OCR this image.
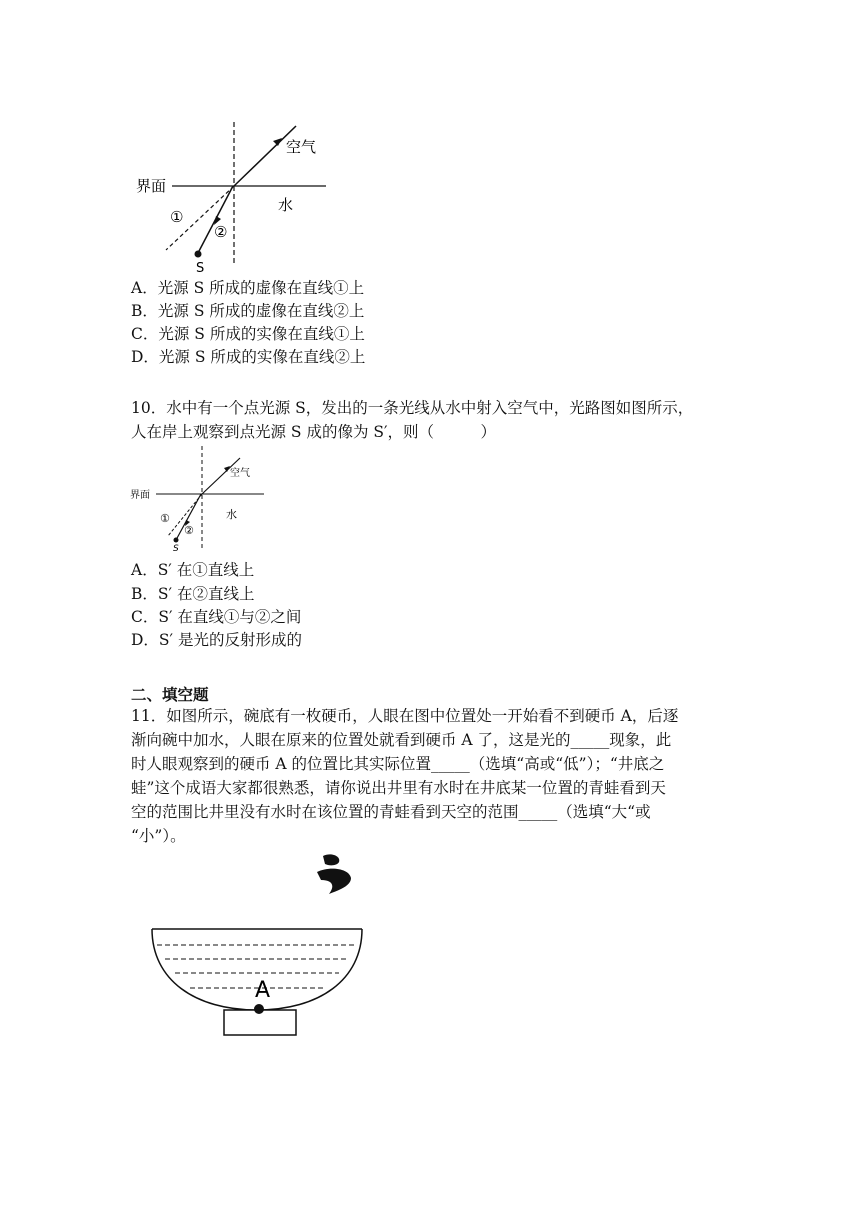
界面
空气
水
①
②
S
A．光源 S 所成的虚像在直线①上
B．光源 S 所成的虚像在直线②上
C．光源 S 所成的实像在直线①上
D．光源 S 所成的实像在直线②上
10．水中有一个点光源 S，发出的一条光线从水中射入空气中，光路图如图所示，
人在岸上观察到点光源 S 成的像为 S′，则（　　　）
界面
空气
水
①
②
S
A．S′ 在①直线上
B．S′ 在②直线上
C．S′ 在直线①与②之间
D．S′ 是光的反射形成的
二、填空题
11．如图所示，碗底有一枚硬币，人眼在图中位置处一开始看不到硬币 A，后逐
渐向碗中加水，人眼在原来的位置处就看到硬币 A 了，这是光的_____现象，此
时人眼观察到的硬币 A 的位置比其实际位置_____（选填“高或“低”）；“井底之
蛙”这个成语大家都很熟悉，请你说出井里有水时在井底某一位置的青蛙看到天
空的范围比井里没有水时在该位置的青蛙看到天空的范围_____（选填“大“或
“小”）。
A
